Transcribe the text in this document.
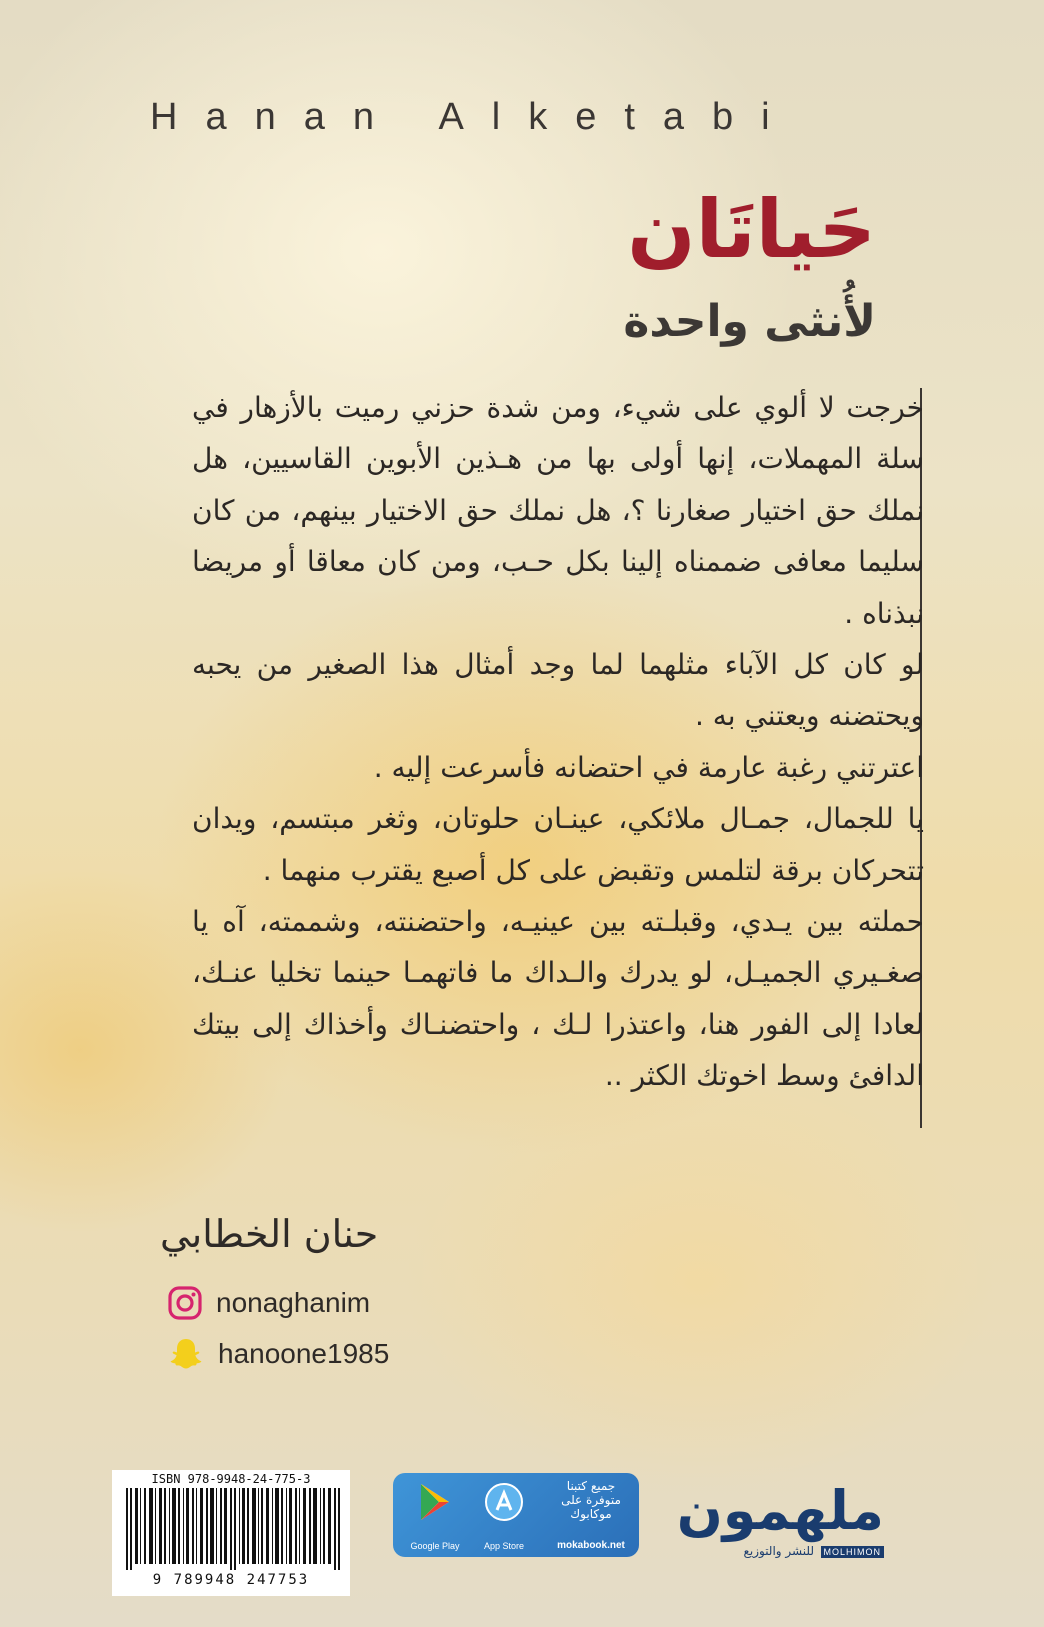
Hanan Alketabi
حَياتَان
لأُنثى واحدة

خرجت لا ألوي على شيء، ومن شدة حزني رميت بالأزهار في سلة المهملات، إنها أولى بها من هـذين الأبوين القاسيين، هل نملك حق اختيار صغارنا ؟، هل نملك حق الاختيار بينهم، من كان سليما معافى ضممناه إلينا بكل حـب، ومن كان معاقا أو مريضا نبذناه .

لو كان كل الآباء مثلهما لما وجد أمثال هذا الصغير من يحبه ويحتضنه ويعتني به .

اعترتني رغبة عارمة في احتضانه فأسرعت إليه .

يا للجمال، جمـال ملائكي، عينـان حلوتان، وثغر مبتسم، ويدان تتحركان برقة لتلمس وتقبض على كل أصبع يقترب منهما .

حملته بين يـدي، وقبلـته بين عينيـه، واحتضنته، وشممته، آه يا صغـيري الجميـل، لو يدرك والـداك ما فاتهمـا حينما تخليا عنـك، لعادا إلى الفور هنا، واعتذرا لـك ، واحتضنـاك وأخذاك إلى بيتك الدافئ وسط اخوتك الكثر ..

حنان الخطابي
nonaghanim
hanoone1985
ISBN 978-9948-24-775-3
9 789948 247753
Google Play	App Store
جميع كتبنا متوفرة على موكابوك
mokabook.net
ملهمون
للنشر والتوزيع	MOLHIMON
